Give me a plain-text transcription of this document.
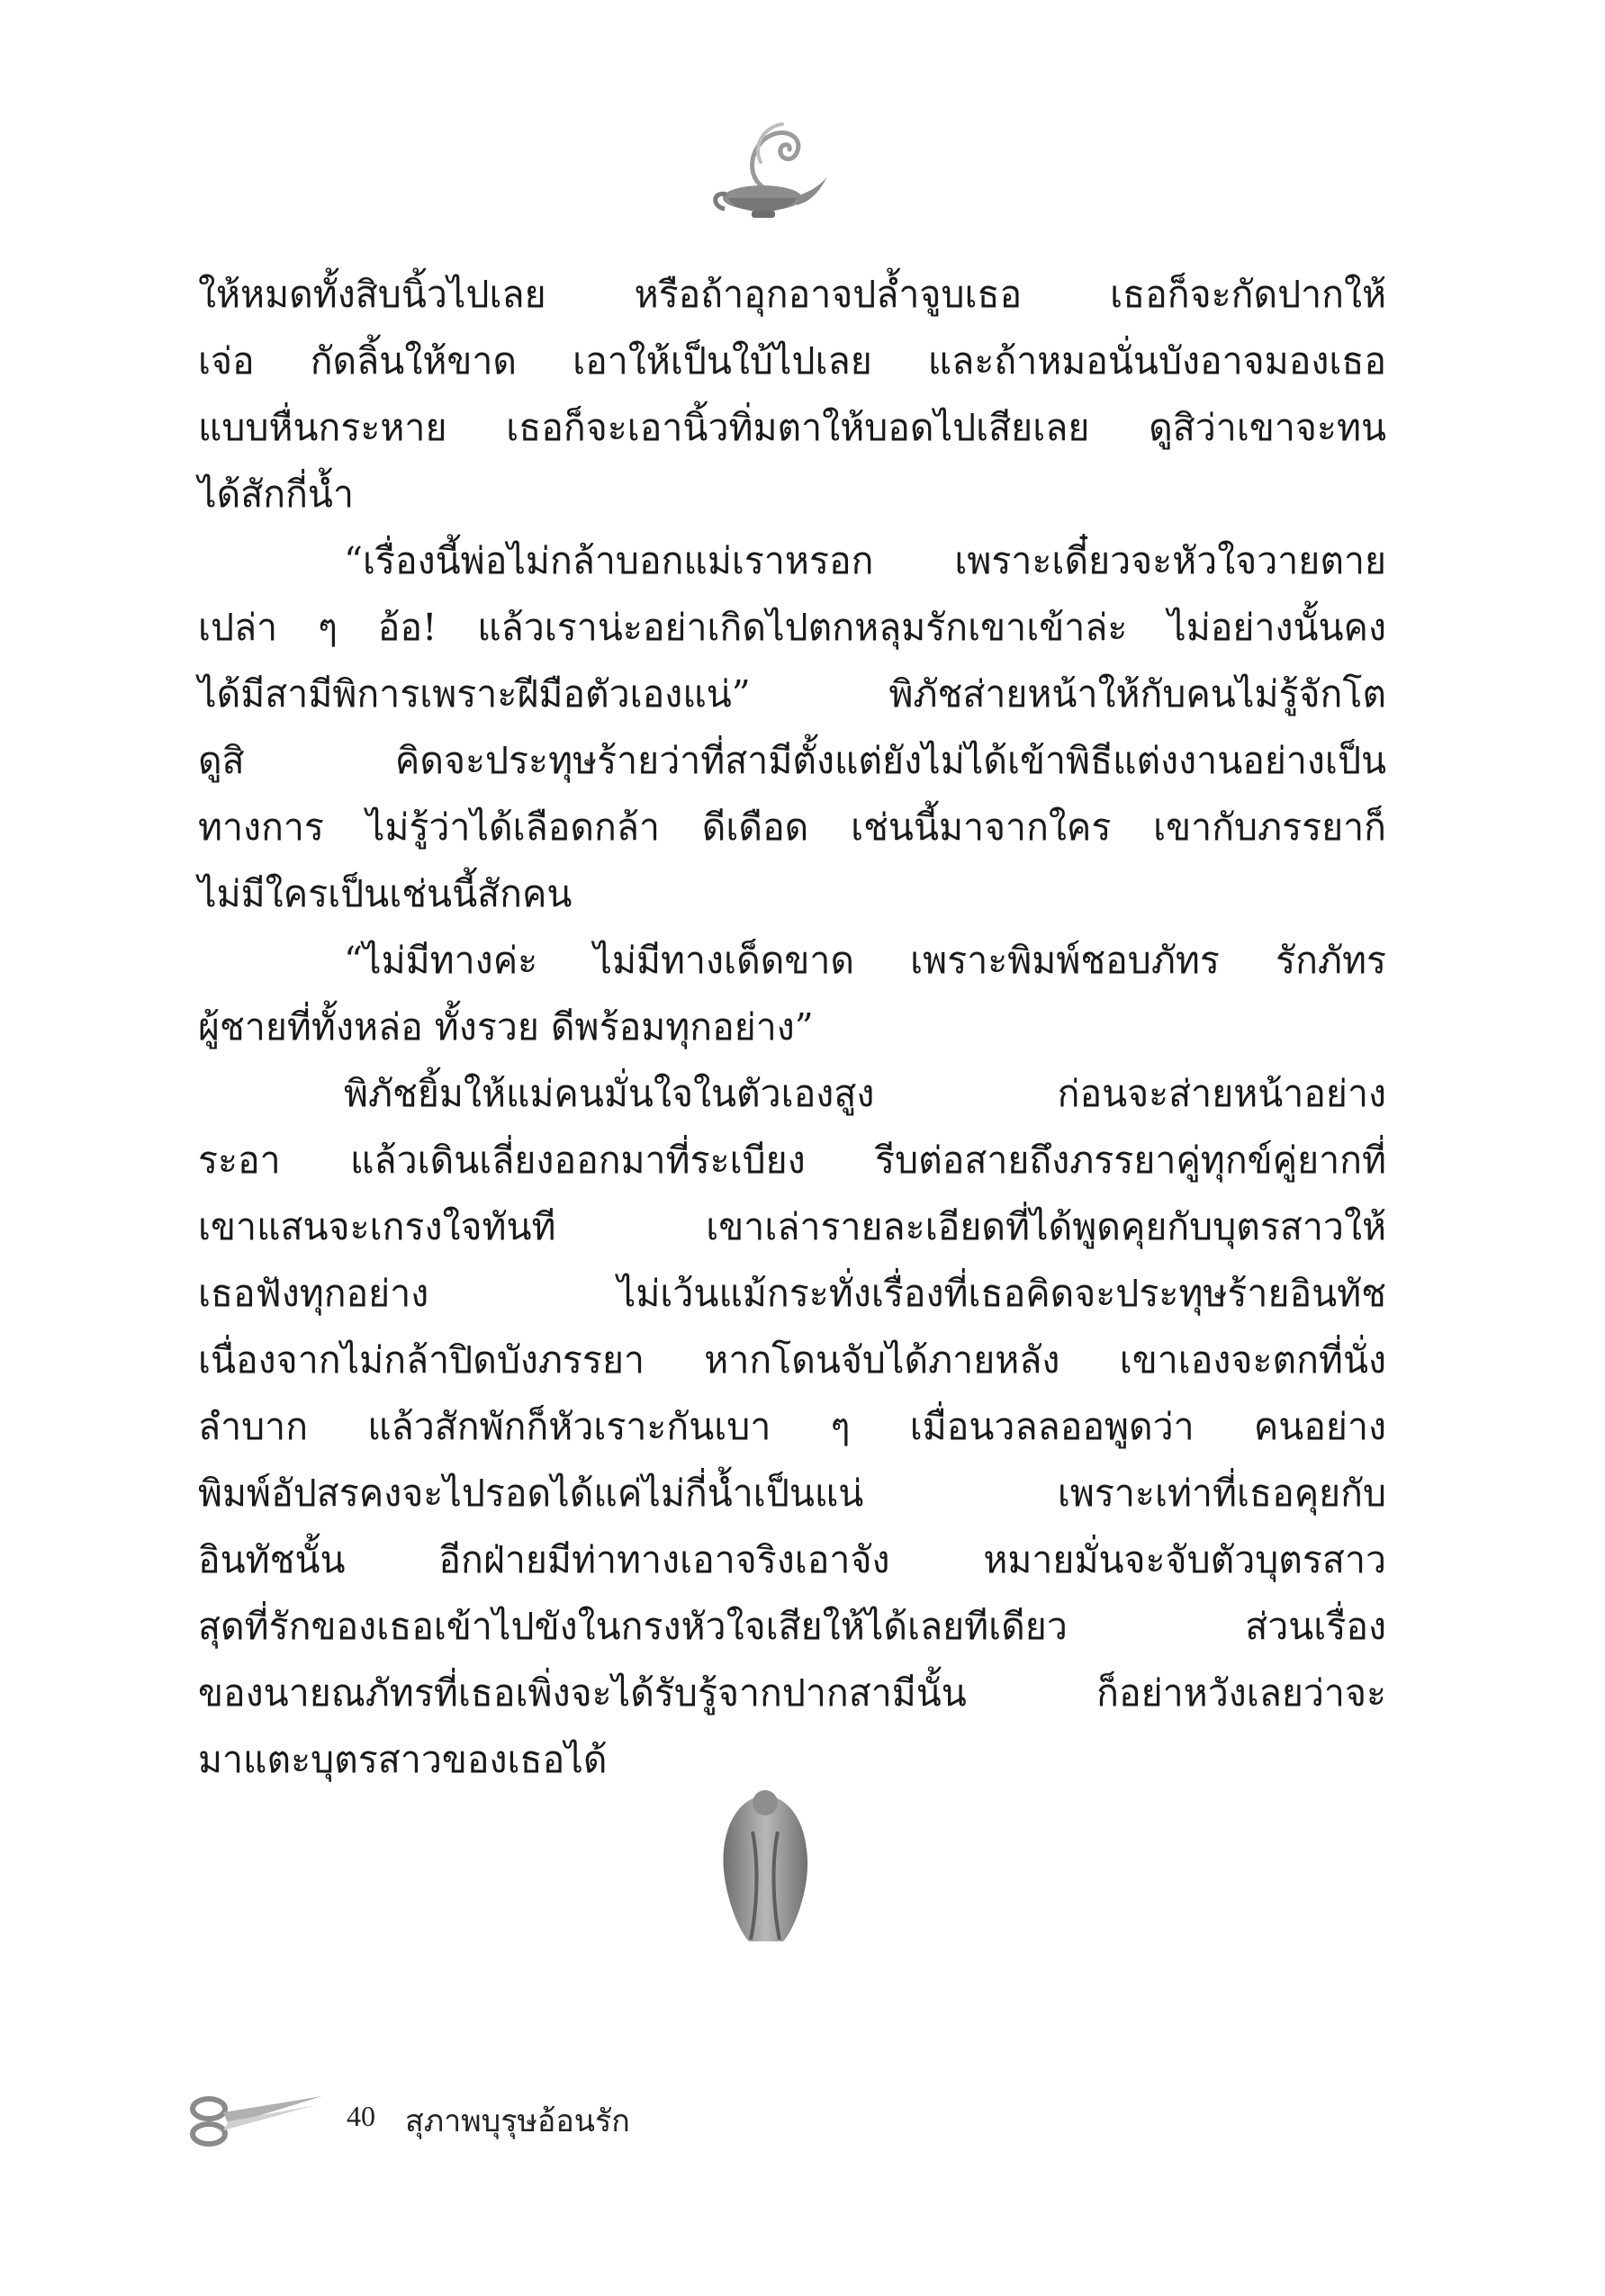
ให้หมดทั้งสิบนิ้วไปเลย หรือถ้าอุกอาจปล้ำจูบเธอ เธอก็จะกัดปากให้
เจ่อ กัดลิ้นให้ขาด เอาให้เป็นใบ้ไปเลย และถ้าหมอนั่นบังอาจมองเธอ
แบบหื่นกระหาย เธอก็จะเอานิ้วทิ่มตาให้บอดไปเสียเลย ดูสิว่าเขาจะทน
ได้สักกี่น้ำ
“เรื่องนี้พ่อไม่กล้าบอกแม่เราหรอก เพราะเดี๋ยวจะหัวใจวายตาย
เปล่า ๆ อ้อ! แล้วเราน่ะอย่าเกิดไปตกหลุมรักเขาเข้าล่ะ ไม่อย่างนั้นคง
ได้มีสามีพิการเพราะฝีมือตัวเองแน่” พิภัชส่ายหน้าให้กับคนไม่รู้จักโต
ดูสิ คิดจะประทุษร้ายว่าที่สามีตั้งแต่ยังไม่ได้เข้าพิธีแต่งงานอย่างเป็น
ทางการ ไม่รู้ว่าได้เลือดกล้า ดีเดือด เช่นนี้มาจากใคร เขากับภรรยาก็
ไม่มีใครเป็นเช่นนี้สักคน
“ไม่มีทางค่ะ ไม่มีทางเด็ดขาด เพราะพิมพ์ชอบภัทร รักภัทร
ผู้ชายที่ทั้งหล่อ ทั้งรวย ดีพร้อมทุกอย่าง”
พิภัชยิ้มให้แม่คนมั่นใจในตัวเองสูง ก่อนจะส่ายหน้าอย่าง
ระอา แล้วเดินเลี่ยงออกมาที่ระเบียง รีบต่อสายถึงภรรยาคู่ทุกข์คู่ยากที่
เขาแสนจะเกรงใจทันที เขาเล่ารายละเอียดที่ได้พูดคุยกับบุตรสาวให้
เธอฟังทุกอย่าง ไม่เว้นแม้กระทั่งเรื่องที่เธอคิดจะประทุษร้ายอินทัช
เนื่องจากไม่กล้าปิดบังภรรยา หากโดนจับได้ภายหลัง เขาเองจะตกที่นั่ง
ลำบาก แล้วสักพักก็หัวเราะกันเบา ๆ เมื่อนวลลออพูดว่า คนอย่าง
พิมพ์อัปสรคงจะไปรอดได้แค่ไม่กี่น้ำเป็นแน่ เพราะเท่าที่เธอคุยกับ
อินทัชนั้น อีกฝ่ายมีท่าทางเอาจริงเอาจัง หมายมั่นจะจับตัวบุตรสาว
สุดที่รักของเธอเข้าไปขังในกรงหัวใจเสียให้ได้เลยทีเดียว ส่วนเรื่อง
ของนายณภัทรที่เธอเพิ่งจะได้รับรู้จากปากสามีนั้น ก็อย่าหวังเลยว่าจะ
มาแตะบุตรสาวของเธอได้
40 สุภาพบุรุษอ้อนรัก
